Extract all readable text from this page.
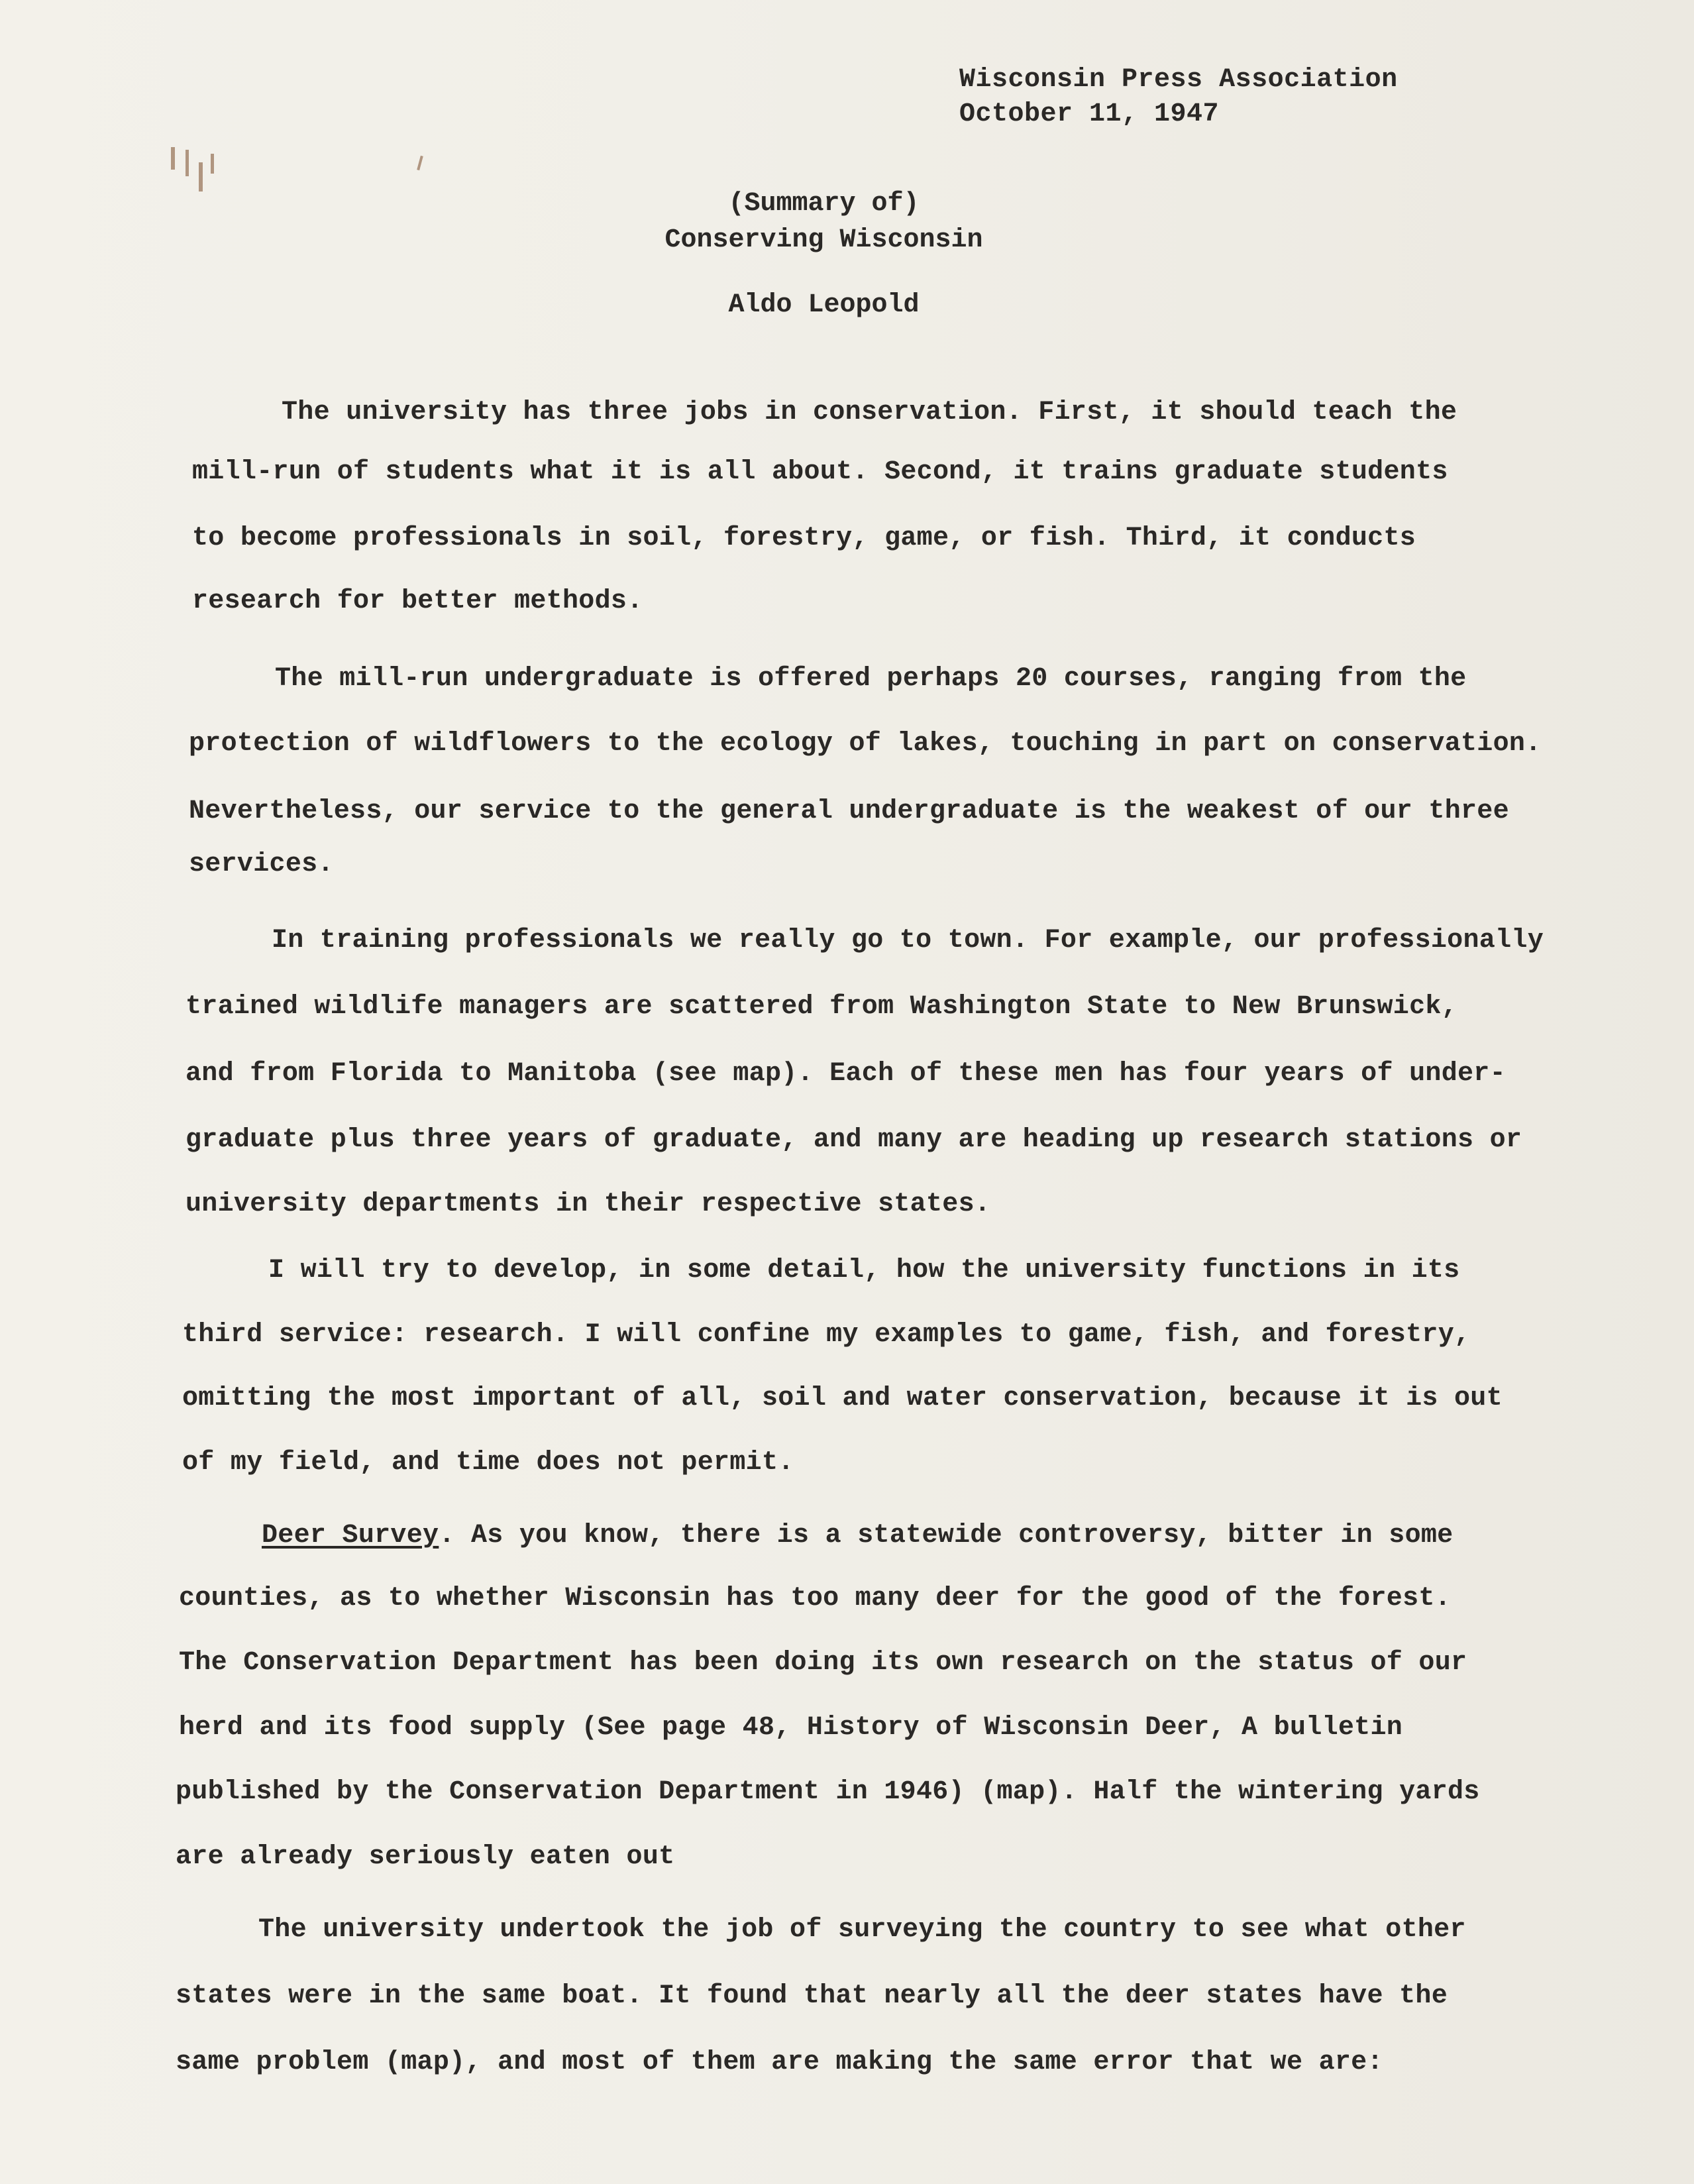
Wisconsin Press Association
October 11, 1947
(Summary of)
Conserving Wisconsin
Aldo Leopold
The university has three jobs in conservation. First, it should teach the
mill-run of students what it is all about. Second, it trains graduate students
to become professionals in soil, forestry, game, or fish. Third, it conducts
research for better methods.
The mill-run undergraduate is offered perhaps 20 courses, ranging from the
protection of wildflowers to the ecology of lakes, touching in part on conservation.
Nevertheless, our service to the general undergraduate is the weakest of our three
services.
In training professionals we really go to town. For example, our professionally
trained wildlife managers are scattered from Washington State to New Brunswick,
and from Florida to Manitoba (see map). Each of these men has four years of under-
graduate plus three years of graduate, and many are heading up research stations or
university departments in their respective states.
I will try to develop, in some detail, how the university functions in its
third service: research. I will confine my examples to game, fish, and forestry,
omitting the most important of all, soil and water conservation, because it is out
of my field, and time does not permit.
Deer Survey. As you know, there is a statewide controversy, bitter in some
counties, as to whether Wisconsin has too many deer for the good of the forest.
The Conservation Department has been doing its own research on the status of our
herd and its food supply (See page 48, History of Wisconsin Deer, A bulletin
published by the Conservation Department in 1946) (map). Half the wintering yards
are already seriously eaten out
The university undertook the job of surveying the country to see what other
states were in the same boat. It found that nearly all the deer states have the
same problem (map), and most of them are making the same error that we are:
